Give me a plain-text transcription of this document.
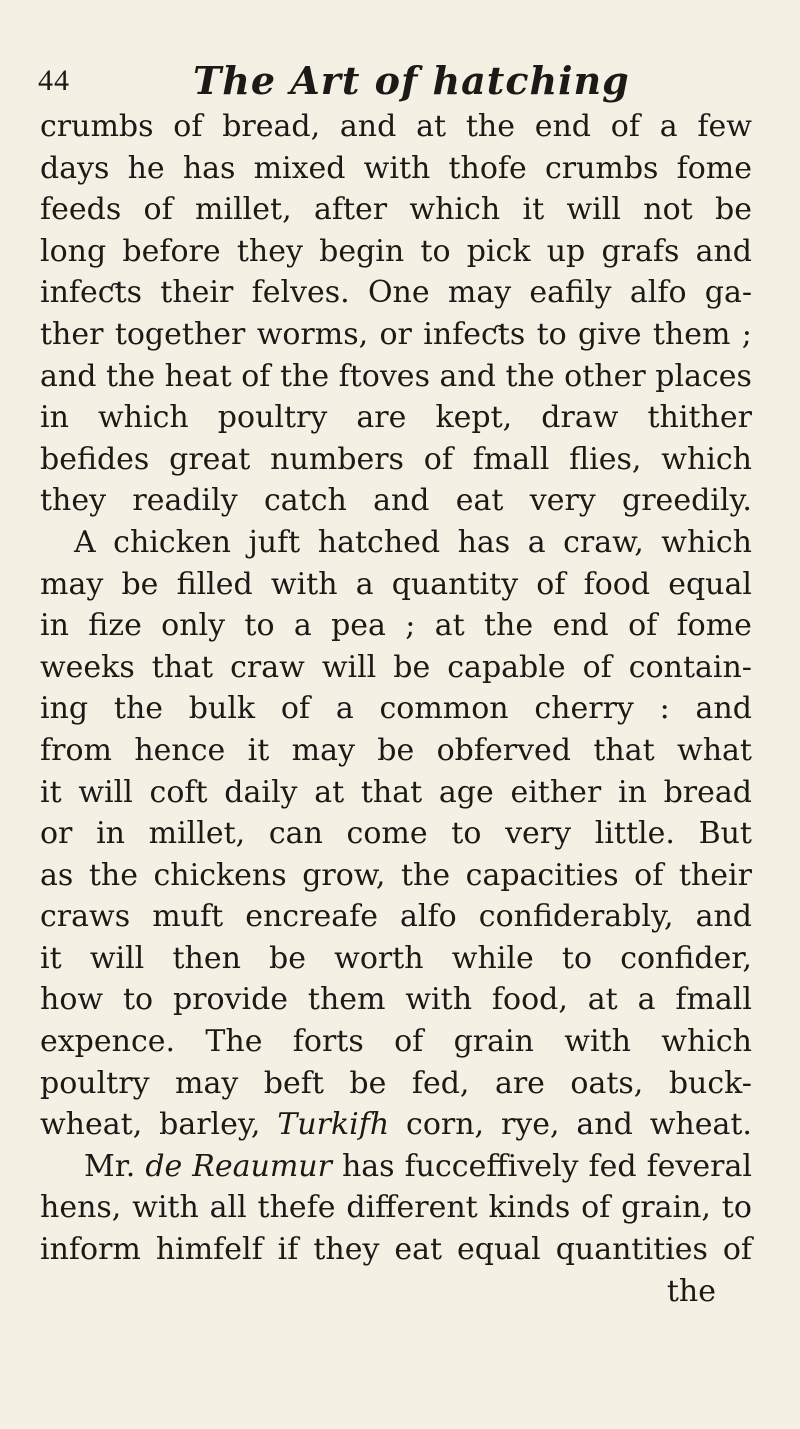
44	The Art of hatching
crumbs of bread, and at the end of a few
days he has mixed with thofe crumbs fome
feeds of millet, after which it will not be
long before they begin to pick up grafs and
infeƈts their felves. One may eafily alfo ga-
ther together worms, or infeƈts to give them ;
and the heat of the ftoves and the other places
in which poultry are kept, draw thither
befides great numbers of fmall flies, which
they readily catch and eat very greedily.
A chicken juft hatched has a craw, which
may be filled with a quantity of food equal
in fize only to a pea ; at the end of fome
weeks that craw will be capable of contain-
ing the bulk of a common cherry : and
from hence it may be obferved that what
it will coft daily at that age either in bread
or in millet, can come to very little. But
as the chickens grow, the capacities of their
craws muft encreafe alfo confiderably, and
it will then be worth while to confider,
how to provide them with food, at a fmall
expence. The forts of grain with which
poultry may beft be fed, are oats, buck-
wheat, barley, Turkifh corn, rye, and wheat.
Mr. de Reaumur has fucceffively fed feveral
hens, with all thefe different kinds of grain, to
inform himfelf if they eat equal quantities of
the
